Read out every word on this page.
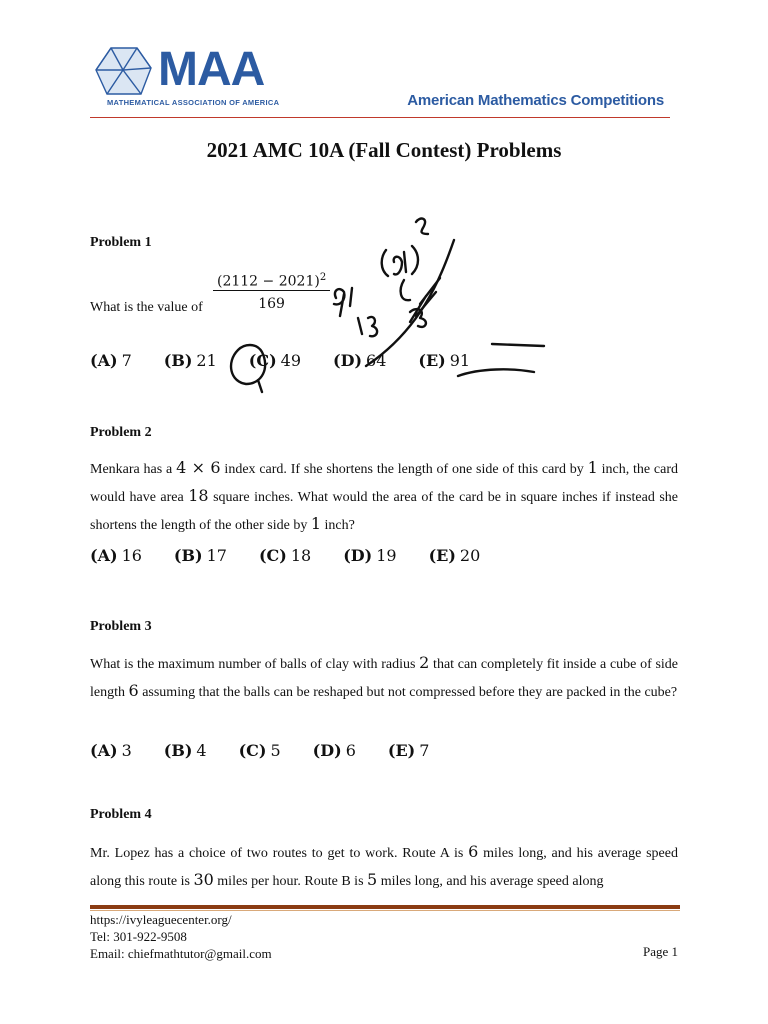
MAA
MATHEMATICAL ASSOCIATION OF AMERICA	American Mathematics Competitions
2021 AMC 10A (Fall Contest) Problems
Problem 1
What is the value of $\frac{(2112 - 2021)^2}{169}$
(A) 7 (B) 21 (C) 49 (D) 64 (E) 91
Problem 2
Menkara has a 4 × 6 index card. If she shortens the length of one side of this card by 1 inch, the card would have area 18 square inches. What would the area of the card be in square inches if instead she shortens the length of the other side by 1 inch?
(A) 16 (B) 17 (C) 18 (D) 19 (E) 20
Problem 3
What is the maximum number of balls of clay with radius 2 that can completely fit inside a cube of side length 6 assuming that the balls can be reshaped but not compressed before they are packed in the cube?
(A) 3 (B) 4 (C) 5 (D) 6 (E) 7
Problem 4
Mr. Lopez has a choice of two routes to get to work. Route A is 6 miles long, and his average speed along this route is 30 miles per hour. Route B is 5 miles long, and his average speed along
https://ivyleaguecenter.org/
Tel: 301-922-9508
Email: chiefmathtutor@gmail.com	Page 1
